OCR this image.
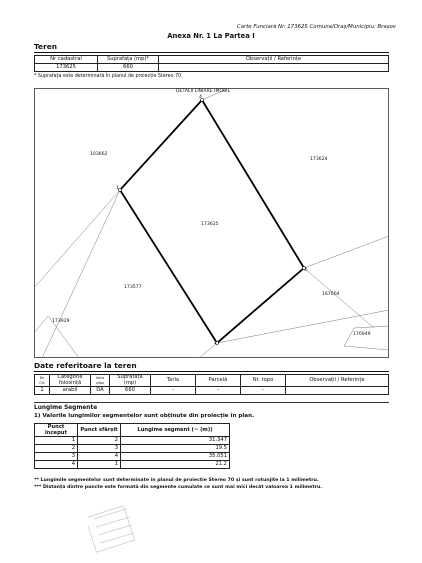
Carte Funciară Nr. 173625 Comuna/Oraș/Municipiu: Brașov
Anexa Nr. 1 La Partea I
Teren
Nr cadastral	Suprafața (mp)*	Observații / Referințe
173625	660	
* Suprafața este determinată în planul de proiecție Stereo 70.
DETALII LINIARE IMOBIL
173625
103662
173624
173577
167004
173929
176949
1
2
3
4
Date referitoare la teren
Nr Crt	Categorie folosință	Intra vilan	Suprafața (mp)	Tarla	Parcelă	Nr. topo	Observații / Referințe
1	arabil	DA	660	-	-	-	
Lungime Segmente
1) Valorile lungimilor segmentelor sunt obținute din proiecție în plan.
Punct început	Punct sfârșit	Lungime segment (~ (m))
1	2	31.347
2	3	19.5
3	4	35.051
4	1	21.2
** Lungimile segmentelor sunt determinate în planul de proiecție Stereo 70 și sunt rotunjite la 1 milimetru.
*** Distanța dintre puncte este formată din segmente cumulate ce sunt mai mici decât valoarea 1 milimetru.
